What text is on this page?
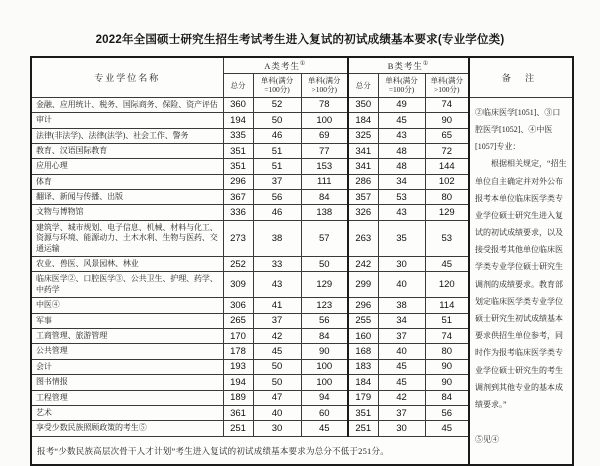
2022年全国硕士研究生招生考试考生进入复试的初试成绩基本要求(专业学位类)
专业学位名称	A类考生①			B类考生①			备 注
	总分	单科(满分=100分)	单科(满分>100分)	总分	单科(满分=100分)	单科(满分>100分)	
金融、应用统计、税务、国际商务、保险、资产评估	360	52	78	350	49	74	②临床医学[1051]、③口腔医学[1052]、④中医[1057]专业：

根据相关规定，“招生单位自主确定并对外公布报考本单位临床医学类专业学位硕士研究生进入复试的初试成绩要求，以及接受报考其他单位临床医学类专业学位硕士研究生调剂的成绩要求。教育部划定临床医学类专业学位硕士研究生初试成绩基本要求供招生单位参考，同时作为报考临床医学类专业学位硕士研究生的考生调剂到其他专业的基本成绩要求。”

⑤见④

审计	194	50	100	184	45	90	
法律(非法学)、法律(法学)、社会工作、警务	335	46	69	325	43	65	
教育、汉语国际教育	351	51	77	341	48	72	
应用心理	351	51	153	341	48	144	
体育	296	37	111	286	34	102	
翻译、新闻与传播、出版	367	56	84	357	53	80	
文物与博物馆	336	46	138	326	43	129	
建筑学、城市规划、电子信息、机械、材料与化工、资源与环境、能源动力、土木水利、生物与医药、交通运输	273	38	57	263	35	53	
农业、兽医、风景园林、林业	252	33	50	242	30	45	
临床医学②、口腔医学③、公共卫生、护理、药学、中药学	309	43	129	299	40	120	
中医④	306	41	123	296	38	114	
军事	265	37	56	255	34	51	
工商管理、旅游管理	170	42	84	160	37	74	
公共管理	178	45	90	168	40	80	
会计	193	50	100	183	45	90	
图书情报	194	50	100	184	45	90	
工程管理	189	47	94	179	42	84	
艺术	361	40	60	351	37	56	
享受少数民族照顾政策的考生⑤	251	30	45	251	30	45	
报考“少数民族高层次骨干人才计划”考生进入复试的初试成绩基本要求为总分不低于251分。							
